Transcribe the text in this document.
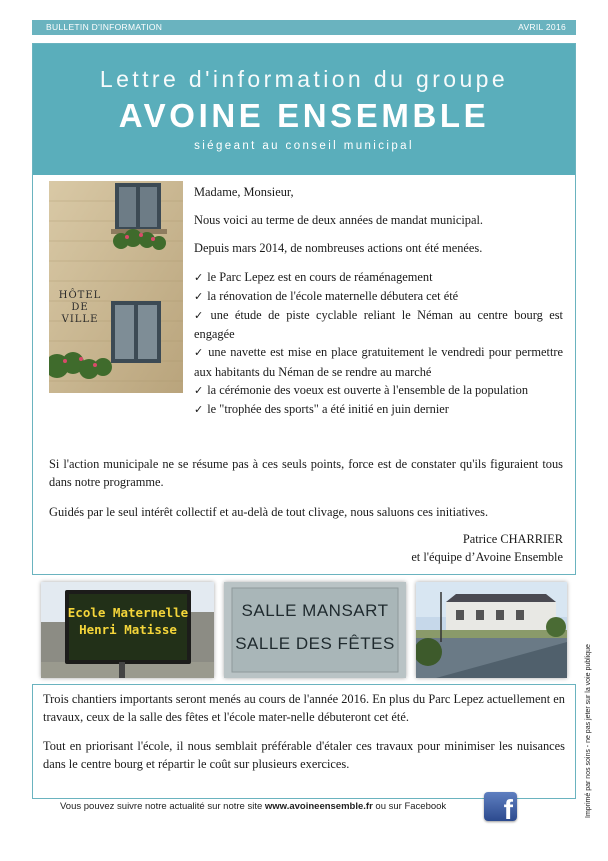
BULLETIN D'INFORMATION	AVRIL 2016
Lettre d'information du groupe
AVOINE ENSEMBLE
siégeant au conseil municipal
HÔTEL
DE
VILLE

Madame, Monsieur,

Nous voici au terme de deux années de mandat municipal.

Depuis mars 2014, de nombreuses actions ont été menées.

✓ le Parc Lepez est en cours de réaménagement
✓ la rénovation de l'école maternelle débutera cet été
✓ une étude de piste cyclable reliant le Néman au centre bourg est engagée
✓ une navette est mise en place gratuitement le vendredi pour permettre aux habitants du Néman de se rendre au marché
✓ la cérémonie des voeux est ouverte à l'ensemble de la population
✓ le "trophée des sports" a été initié en juin dernier

Si l'action municipale ne se résume pas à ces seuls points, force est de constater qu'ils figuraient tous dans notre programme.

Guidés par le seul intérêt collectif et au-delà de tout clivage, nous saluons ces initiatives.

Patrice CHARRIER
et l'équipe d’Avoine Ensemble
Ecole Maternelle
Henri Matisse
SALLE MANSART
SALLE DES FÊTES

Trois chantiers importants seront menés au cours de l'année 2016. En plus du Parc Lepez actuellement en travaux, ceux de la salle des fêtes et l'école mater-nelle débuteront cet été.

Tout en priorisant l'école, il nous semblait préférable d'étaler ces travaux pour minimiser les nuisances dans le centre bourg et répartir le coût sur plusieurs exercices.

Vous pouvez suivre notre actualité sur notre site www.avoineensemble.fr ou sur Facebook f	Imprimé par nos soins - ne pas jeter sur la voie publique
